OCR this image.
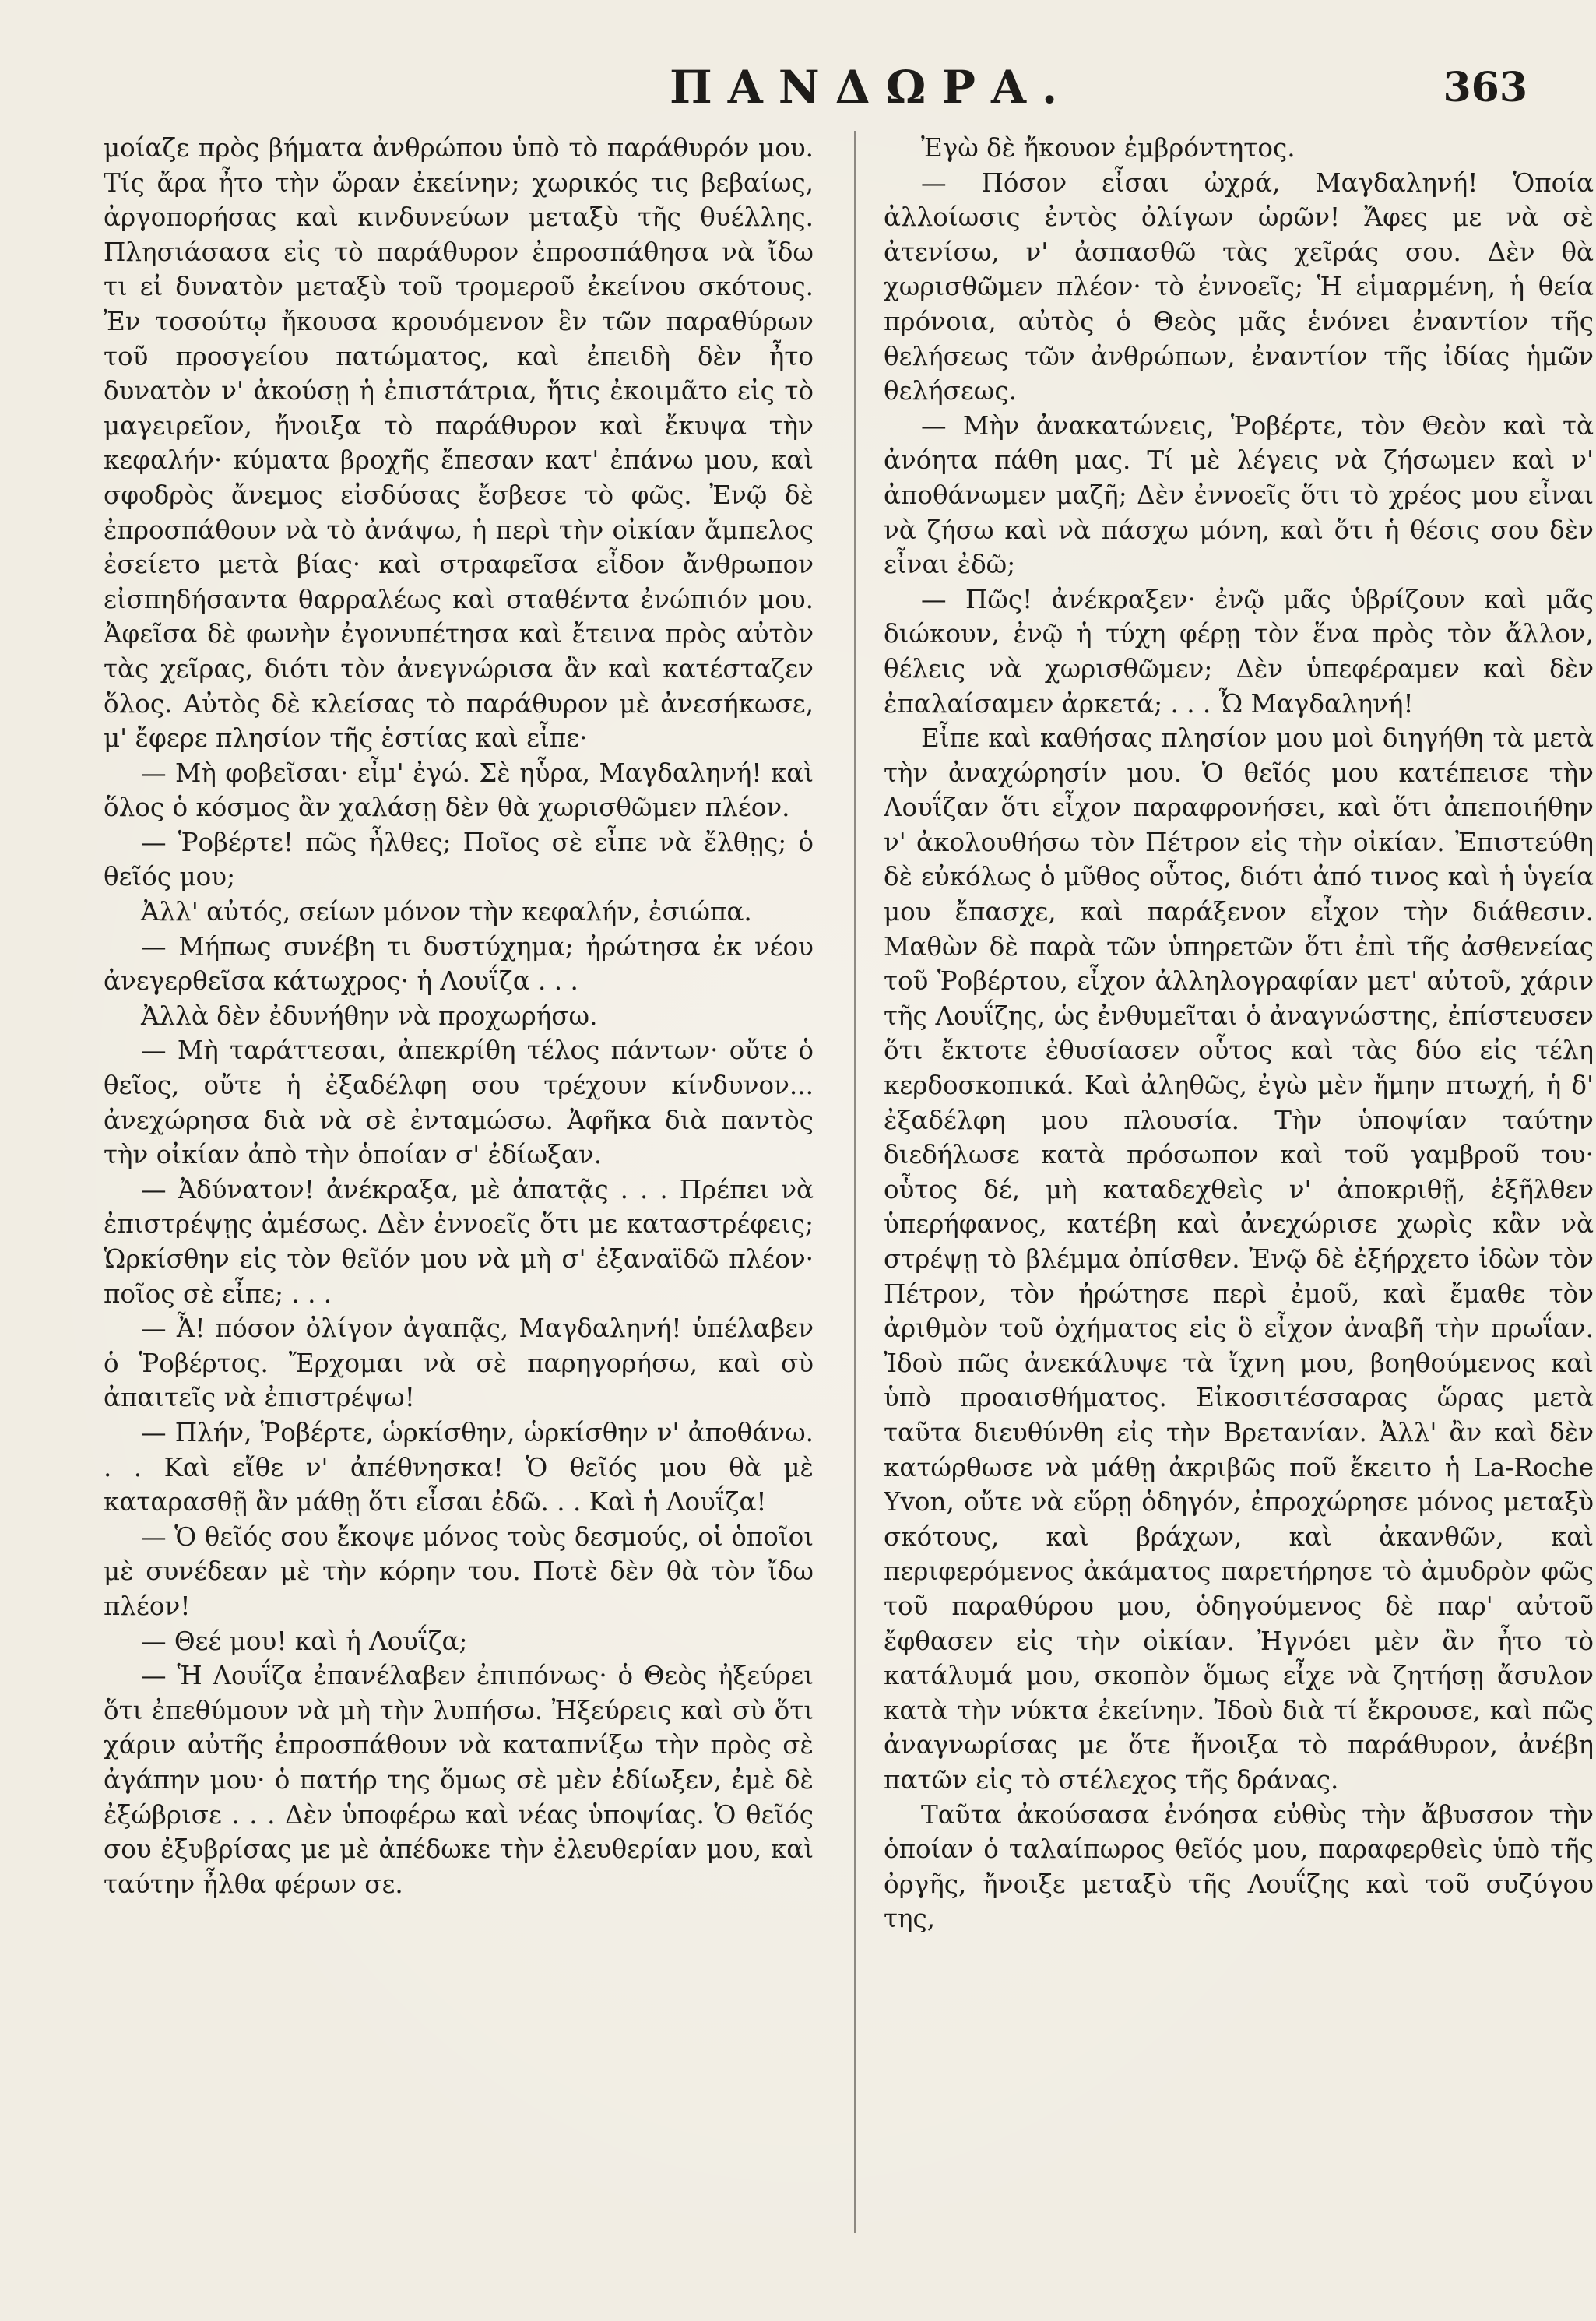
ΠΑΝΔΩΡΑ.	363

μοίαζε πρὸς βήματα ἀνθρώπου ὑπὸ τὸ παράθυρόν μου. Τίς ἄρα ἦτο τὴν ὥραν ἐκείνην; χωρικός τις βεβαίως, ἀργοπορήσας καὶ κινδυνεύων μεταξὺ τῆς θυέλλης. Πλησιάσασα εἰς τὸ παράθυρον ἐπροσπάθησα νὰ ἴδω τι εἰ δυνατὸν μεταξὺ τοῦ τρομεροῦ ἐκείνου σκότους. Ἐν τοσούτῳ ἤκουσα κρουόμενον ἓν τῶν παραθύρων τοῦ προσγείου πατώματος, καὶ ἐπειδὴ δὲν ἦτο δυνατὸν ν' ἀκούσῃ ἡ ἐπιστάτρια, ἥτις ἐκοιμᾶτο εἰς τὸ μαγειρεῖον, ἤνοιξα τὸ παράθυρον καὶ ἔκυψα τὴν κεφαλήν· κύματα βροχῆς ἔπεσαν κατ' ἐπάνω μου, καὶ σφοδρὸς ἄνεμος εἰσδύσας ἔσβεσε τὸ φῶς. Ἐνῷ δὲ ἐπροσπάθουν νὰ τὸ ἀνάψω, ἡ περὶ τὴν οἰκίαν ἄμπελος ἐσείετο μετὰ βίας· καὶ στραφεῖσα εἶδον ἄνθρωπον εἰσπηδήσαντα θαρραλέως καὶ σταθέντα ἐνώπιόν μου. Ἀφεῖσα δὲ φωνὴν ἐγονυπέτησα καὶ ἔτεινα πρὸς αὐτὸν τὰς χεῖρας, διότι τὸν ἀνεγνώρισα ἂν καὶ κατέσταζεν ὅλος. Αὐτὸς δὲ κλείσας τὸ παράθυρον μὲ ἀνεσήκωσε, μ' ἔφερε πλησίον τῆς ἑστίας καὶ εἶπε·

— Μὴ φοβεῖσαι· εἶμ' ἐγώ. Σὲ ηὗρα, Μαγδαληνή! καὶ ὅλος ὁ κόσμος ἂν χαλάσῃ δὲν θὰ χωρισθῶμεν πλέον.

— Ῥοβέρτε! πῶς ἦλθες; Ποῖος σὲ εἶπε νὰ ἔλθῃς; ὁ θεῖός μου;

Ἀλλ' αὐτός, σείων μόνον τὴν κεφαλήν, ἐσιώπα.

— Μήπως συνέβη τι δυστύχημα; ἠρώτησα ἐκ νέου ἀνεγερθεῖσα κάτωχρος· ἡ Λουΐζα . . .

Ἀλλὰ δὲν ἐδυνήθην νὰ προχωρήσω.

— Μὴ ταράττεσαι, ἀπεκρίθη τέλος πάντων· οὔτε ὁ θεῖος, οὔτε ἡ ἐξαδέλφη σου τρέχουν κίνδυνον... ἀνεχώρησα διὰ νὰ σὲ ἐνταμώσω. Ἀφῆκα διὰ παντὸς τὴν οἰκίαν ἀπὸ τὴν ὁποίαν σ' ἐδίωξαν.

— Ἀδύνατον! ἀνέκραξα, μὲ ἀπατᾷς . . . Πρέπει νὰ ἐπιστρέψῃς ἀμέσως. Δὲν ἐννοεῖς ὅτι με καταστρέφεις; Ὡρκίσθην εἰς τὸν θεῖόν μου νὰ μὴ σ' ἐξαναϊδῶ πλέον· ποῖος σὲ εἶπε; . . .

— Ἆ! πόσον ὀλίγον ἀγαπᾷς, Μαγδαληνή! ὑπέλαβεν ὁ Ῥοβέρτος. Ἔρχομαι νὰ σὲ παρηγορήσω, καὶ σὺ ἀπαιτεῖς νὰ ἐπιστρέψω!

— Πλήν, Ῥοβέρτε, ὡρκίσθην, ὡρκίσθην ν' ἀποθάνω. . . Καὶ εἴθε ν' ἀπέθνησκα! Ὁ θεῖός μου θὰ μὲ καταρασθῇ ἂν μάθῃ ὅτι εἶσαι ἐδῶ. . . Καὶ ἡ Λουΐζα!

— Ὁ θεῖός σου ἔκοψε μόνος τοὺς δεσμούς, οἱ ὁποῖοι μὲ συνέδεαν μὲ τὴν κόρην του. Ποτὲ δὲν θὰ τὸν ἴδω πλέον!

— Θεέ μου! καὶ ἡ Λουΐζα;

— Ἡ Λουΐζα ἐπανέλαβεν ἐπιπόνως· ὁ Θεὸς ἠξεύρει ὅτι ἐπεθύμουν νὰ μὴ τὴν λυπήσω. Ἠξεύρεις καὶ σὺ ὅτι χάριν αὐτῆς ἐπροσπάθουν νὰ καταπνίξω τὴν πρὸς σὲ ἀγάπην μου· ὁ πατήρ της ὅμως σὲ μὲν ἐδίωξεν, ἐμὲ δὲ ἐξώβρισε . . . Δὲν ὑποφέρω καὶ νέας ὑποψίας. Ὁ θεῖός σου ἐξυβρίσας με μὲ ἀπέδωκε τὴν ἐλευθερίαν μου, καὶ ταύτην ἦλθα φέρων σε.

Ἐγὼ δὲ ἤκουον ἐμβρόντητος.

— Πόσον εἶσαι ὠχρά, Μαγδαληνή! Ὁποία ἀλλοίωσις ἐντὸς ὀλίγων ὡρῶν! Ἄφες με νὰ σὲ ἀτενίσω, ν' ἀσπασθῶ τὰς χεῖράς σου. Δὲν θὰ χωρισθῶμεν πλέον· τὸ ἐννοεῖς; Ἡ εἱμαρμένη, ἡ θεία πρόνοια, αὐτὸς ὁ Θεὸς μᾶς ἑνόνει ἐναντίον τῆς θελήσεως τῶν ἀνθρώπων, ἐναντίον τῆς ἰδίας ἡμῶν θελήσεως.

— Μὴν ἀνακατώνεις, Ῥοβέρτε, τὸν Θεὸν καὶ τὰ ἀνόητα πάθη μας. Τί μὲ λέγεις νὰ ζήσωμεν καὶ ν' ἀποθάνωμεν μαζῆ; Δὲν ἐννοεῖς ὅτι τὸ χρέος μου εἶναι νὰ ζήσω καὶ νὰ πάσχω μόνη, καὶ ὅτι ἡ θέσις σου δὲν εἶναι ἐδῶ;

— Πῶς! ἀνέκραξεν· ἐνῷ μᾶς ὑβρίζουν καὶ μᾶς διώκουν, ἐνῷ ἡ τύχη φέρῃ τὸν ἕνα πρὸς τὸν ἄλλον, θέλεις νὰ χωρισθῶμεν; Δὲν ὑπεφέραμεν καὶ δὲν ἐπαλαίσαμεν ἀρκετά; . . . Ὦ Μαγδαληνή!

Εἶπε καὶ καθήσας πλησίον μου μοὶ διηγήθη τὰ μετὰ τὴν ἀναχώρησίν μου. Ὁ θεῖός μου κατέπεισε τὴν Λουΐζαν ὅτι εἶχον παραφρονήσει, καὶ ὅτι ἀπεποιήθην ν' ἀκολουθήσω τὸν Πέτρον εἰς τὴν οἰκίαν. Ἐπιστεύθη δὲ εὐκόλως ὁ μῦθος οὗτος, διότι ἀπό τινος καὶ ἡ ὑγεία μου ἔπασχε, καὶ παράξενον εἶχον τὴν διάθεσιν. Μαθὼν δὲ παρὰ τῶν ὑπηρετῶν ὅτι ἐπὶ τῆς ἀσθενείας τοῦ Ῥοβέρτου, εἶχον ἀλληλογραφίαν μετ' αὐτοῦ, χάριν τῆς Λουΐζης, ὡς ἐνθυμεῖται ὁ ἀναγνώστης, ἐπίστευσεν ὅτι ἔκτοτε ἐθυσίασεν οὗτος καὶ τὰς δύο εἰς τέλη κερδοσκοπικά. Καὶ ἀληθῶς, ἐγὼ μὲν ἤμην πτωχή, ἡ δ' ἐξαδέλφη μου πλουσία. Τὴν ὑποψίαν ταύτην διεδήλωσε κατὰ πρόσωπον καὶ τοῦ γαμβροῦ του· οὗτος δέ, μὴ καταδεχθεὶς ν' ἀποκριθῇ, ἐξῆλθεν ὑπερήφανος, κατέβη καὶ ἀνεχώρισε χωρὶς κἂν νὰ στρέψῃ τὸ βλέμμα ὀπίσθεν. Ἐνῷ δὲ ἐξήρχετο ἰδὼν τὸν Πέτρον, τὸν ἠρώτησε περὶ ἐμοῦ, καὶ ἔμαθε τὸν ἀριθμὸν τοῦ ὀχήματος εἰς ὃ εἶχον ἀναβῆ τὴν πρωΐαν. Ἰδοὺ πῶς ἀνεκάλυψε τὰ ἴχνη μου, βοηθούμενος καὶ ὑπὸ προαισθήματος. Εἰκοσιτέσσαρας ὥρας μετὰ ταῦτα διευθύνθη εἰς τὴν Βρετανίαν. Ἀλλ' ἂν καὶ δὲν κατώρθωσε νὰ μάθῃ ἀκριβῶς ποῦ ἔκειτο ἡ La-Roche Yvon, οὔτε νὰ εὕρῃ ὁδηγόν, ἐπροχώρησε μόνος μεταξὺ σκότους, καὶ βράχων, καὶ ἀκανθῶν, καὶ περιφερόμενος ἀκάματος παρετήρησε τὸ ἀμυδρὸν φῶς τοῦ παραθύρου μου, ὁδηγούμενος δὲ παρ' αὐτοῦ ἔφθασεν εἰς τὴν οἰκίαν. Ἠγνόει μὲν ἂν ἦτο τὸ κατάλυμά μου, σκοπὸν ὅμως εἶχε νὰ ζητήσῃ ἄσυλον κατὰ τὴν νύκτα ἐκείνην. Ἰδοὺ διὰ τί ἔκρουσε, καὶ πῶς ἀναγνωρίσας με ὅτε ἤνοιξα τὸ παράθυρον, ἀνέβη πατῶν εἰς τὸ στέλεχος τῆς δράνας.

Ταῦτα ἀκούσασα ἐνόησα εὐθὺς τὴν ἄβυσσον τὴν ὁποίαν ὁ ταλαίπωρος θεῖός μου, παραφερθεὶς ὑπὸ τῆς ὀργῆς, ἤνοιξε μεταξὺ τῆς Λουΐζης καὶ τοῦ συζύγου της,
